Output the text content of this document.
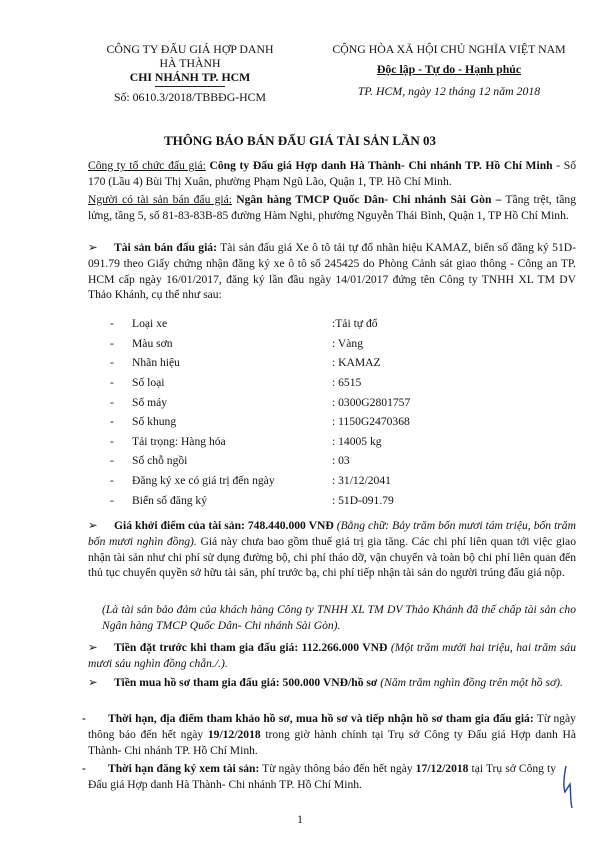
CÔNG TY ĐẤU GIÁ HỢP DANH
HÀ THÀNH
CHI NHÁNH TP. HCM
Số: 0610.3/2018/TBBĐG-HCM
CỘNG HÒA XÃ HỘI CHỦ NGHĨA VIỆT NAM
Độc lập - Tự do - Hạnh phúc
TP. HCM, ngày 12 tháng 12 năm 2018
THÔNG BÁO BÁN ĐẤU GIÁ TÀI SẢN LẦN 03
Công ty tổ chức đấu giá: Công ty Đấu giá Hợp danh Hà Thành- Chi nhánh TP. Hồ Chí Minh - Số 170 (Lầu 4) Bùi Thị Xuân, phường Phạm Ngũ Lão, Quận 1, TP. Hồ Chí Minh.
Người có tài sản bán đấu giá: Ngân hàng TMCP Quốc Dân- Chi nhánh Sài Gòn – Tầng trệt, tầng lửng, tầng 5, số 81-83-83B-85 đường Hàm Nghi, phường Nguyễn Thái Bình, Quận 1, TP Hồ Chí Minh.
➢ Tài sản bán đấu giá: Tài sản đấu giá Xe ô tô tải tự đổ nhãn hiệu KAMAZ, biển số đăng ký 51D-091.79 theo Giấy chứng nhận đăng ký xe ô tô số 245425 do Phòng Cảnh sát giao thông - Công an TP. HCM cấp ngày 16/01/2017, đăng ký lần đầu ngày 14/01/2017 đứng tên Công ty TNHH XL TM DV Thảo Khánh, cụ thể như sau:
-	Loại xe	:Tải tự đổ
-	Màu sơn	: Vàng
-	Nhãn hiệu	: KAMAZ
-	Số loại	: 6515
-	Số máy	: 0300G2801757
-	Số khung	: 1150G2470368
-	Tải trọng: Hàng hóa	: 14005 kg
-	Số chỗ ngồi	: 03
-	Đăng ký xe có giá trị đến ngày	: 31/12/2041
-	Biển số đăng ký	: 51D-091.79
➢ Giá khởi điểm của tài sản: 748.440.000 VNĐ (Bằng chữ: Bảy trăm bốn mươi tám triệu, bốn trăm bốn mươi nghìn đồng). Giá này chưa bao gồm thuế giá trị gia tăng. Các chi phí liên quan tới việc giao nhận tài sản như chi phí sử dụng đường bộ, chi phí tháo dỡ, vận chuyển và toàn bộ chi phí liên quan đến thủ tục chuyển quyền sở hữu tài sản, phí trước bạ, chi phí tiếp nhận tài sản do người trúng đấu giá nộp.
(Là tài sản bảo đảm của khách hàng Công ty TNHH XL TM DV Thảo Khánh đã thế chấp tài sản cho Ngân hàng TMCP Quốc Dân- Chi nhánh Sài Gòn).
➢ Tiền đặt trước khi tham gia đấu giá: 112.266.000 VNĐ (Một trăm mười hai triệu, hai trăm sáu mươi sáu nghìn đồng chẵn./.).
➢ Tiền mua hồ sơ tham gia đấu giá: 500.000 VNĐ/hồ sơ (Năm trăm nghìn đồng trên một hồ sơ).
- Thời hạn, địa điểm tham khảo hồ sơ, mua hồ sơ và tiếp nhận hồ sơ tham gia đấu giá: Từ ngày thông báo đến hết ngày 19/12/2018 trong giờ hành chính tại Trụ sở Công ty Đấu giá Hợp danh Hà Thành- Chi nhánh TP. Hồ Chí Minh.
- Thời hạn đăng ký xem tài sản: Từ ngày thông báo đến hết ngày 17/12/2018 tại Trụ sở Công ty Đấu giá Hợp danh Hà Thành- Chi nhánh TP. Hồ Chí Minh.
1
